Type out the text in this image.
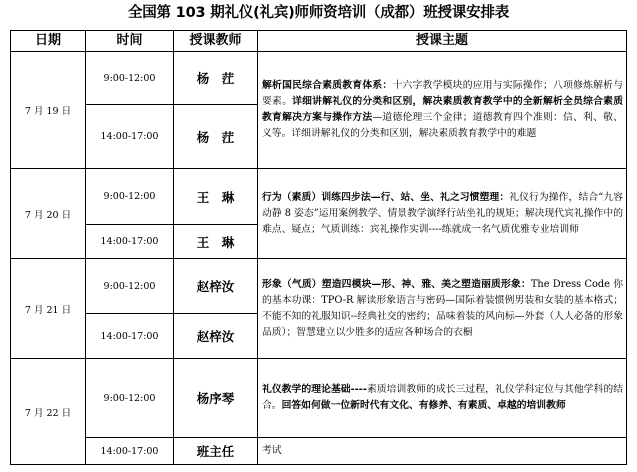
全国第 103 期礼仪(礼宾)师师资培训（成都）班授课安排表
日期	时间	授课教师	授课主题
7 月 19 日	9:00-12:00	杨　茳	解析国民综合素质教育体系：十六字教学模块的应用与实际操作；八项修炼解析与要素。详细讲解礼仪的分类和区别，解决素质教育教学中的全新解析全员综合素质教育解决方案与操作方法—道德伦理三个金律；道德教育四个准则：信、利、敬、义等。详细讲解礼仪的分类和区别，解决素质教育教学中的难题
	14:00-17:00	杨　茳	
7 月 20 日	9:00-12:00	王　琳	行为（素质）训练四步法—行、站、坐、礼之习惯塑理：礼仪行为操作，结合“九容动静 8 姿态”运用案例教学、情景教学演绎行站坐礼的规矩；解决现代宾礼操作中的难点、疑点；气质训练：宾礼操作实训----练就成一名气质优雅专业培训师
	14:00-17:00	王　琳	
7 月 21 日	9:00-12:00	赵梓汝	形象（气质）塑造四模块—形、神、雅、美之塑造丽质形象：The Dress Code 你的基本功课：TPO-R 解读形象语言与密码—国际着装惯例男装和女装的基本格式；不能不知的礼服知识--经典社交的密约；品味着装的风向标—外套（人人必备的形象品质）；智慧建立以少胜多的适应各种场合的衣橱
	14:00-17:00	赵梓汝	
7 月 22 日	9:00-12:00	杨序琴	礼仪教学的理论基础----素质培训教师的成长三过程，礼仪学科定位与其他学科的结合。回答如何做一位新时代有文化、有修养、有素质、卓越的培训教师
	14:00-17:00	班主任	考试
